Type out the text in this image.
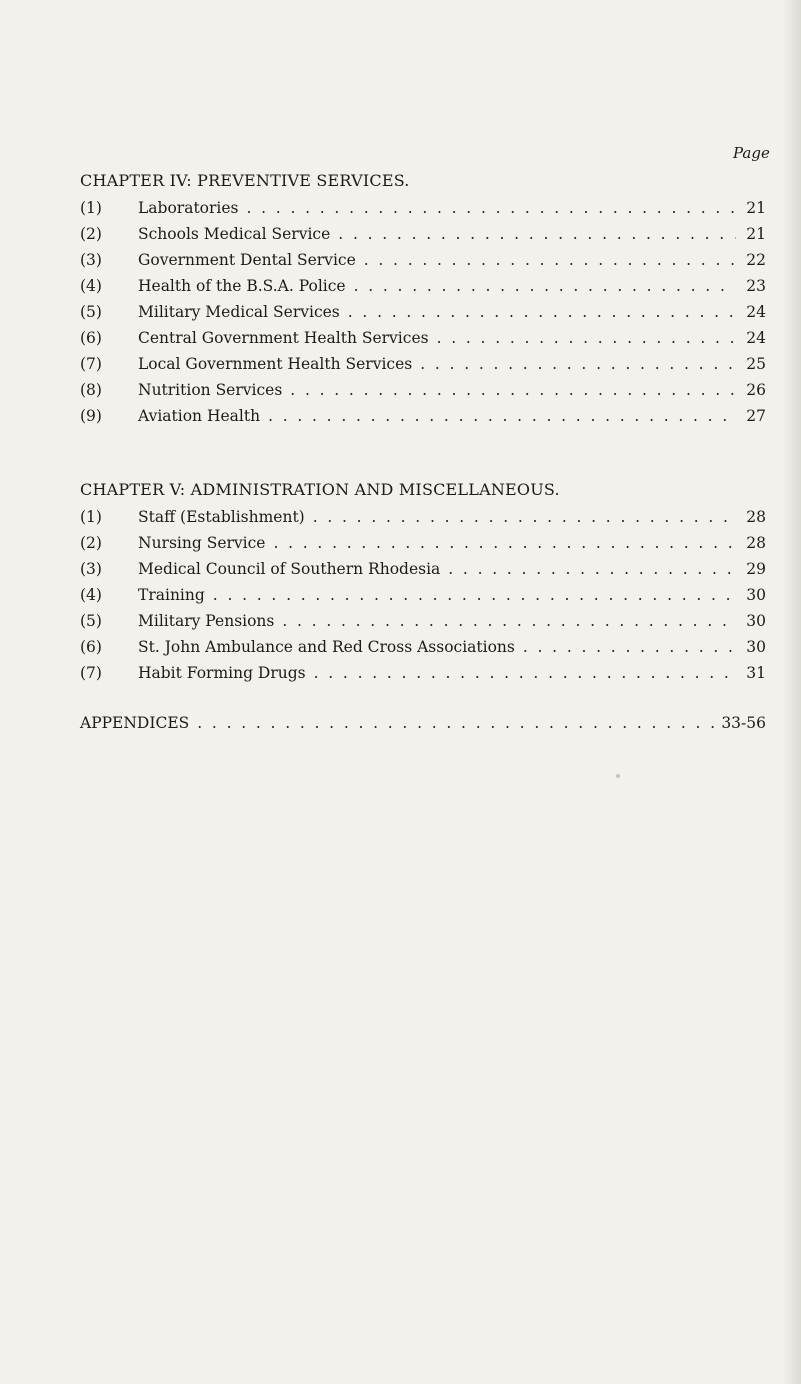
Page
CHAPTER IV: PREVENTIVE SERVICES.
(1)	Laboratories . . .	21
(2)	Schools Medical Service . . .	21
(3)	Government Dental Service . . .	22
(4)	Health of the B.S.A. Police . . .	23
(5)	Military Medical Services . . .	24
(6)	Central Government Health Services . . .	24
(7)	Local Government Health Services . . .	25
(8)	Nutrition Services . . .	26
(9)	Aviation Health . . .	27
CHAPTER V: ADMINISTRATION AND MISCELLANEOUS.
(1)	Staff (Establishment) . . .	28
(2)	Nursing Service . . .	28
(3)	Medical Council of Southern Rhodesia . . .	29
(4)	Training . . .	30
(5)	Military Pensions . . .	30
(6)	St. John Ambulance and Red Cross Associations . . .	30
(7)	Habit Forming Drugs . . .	31
APPENDICES . . .	33-56
